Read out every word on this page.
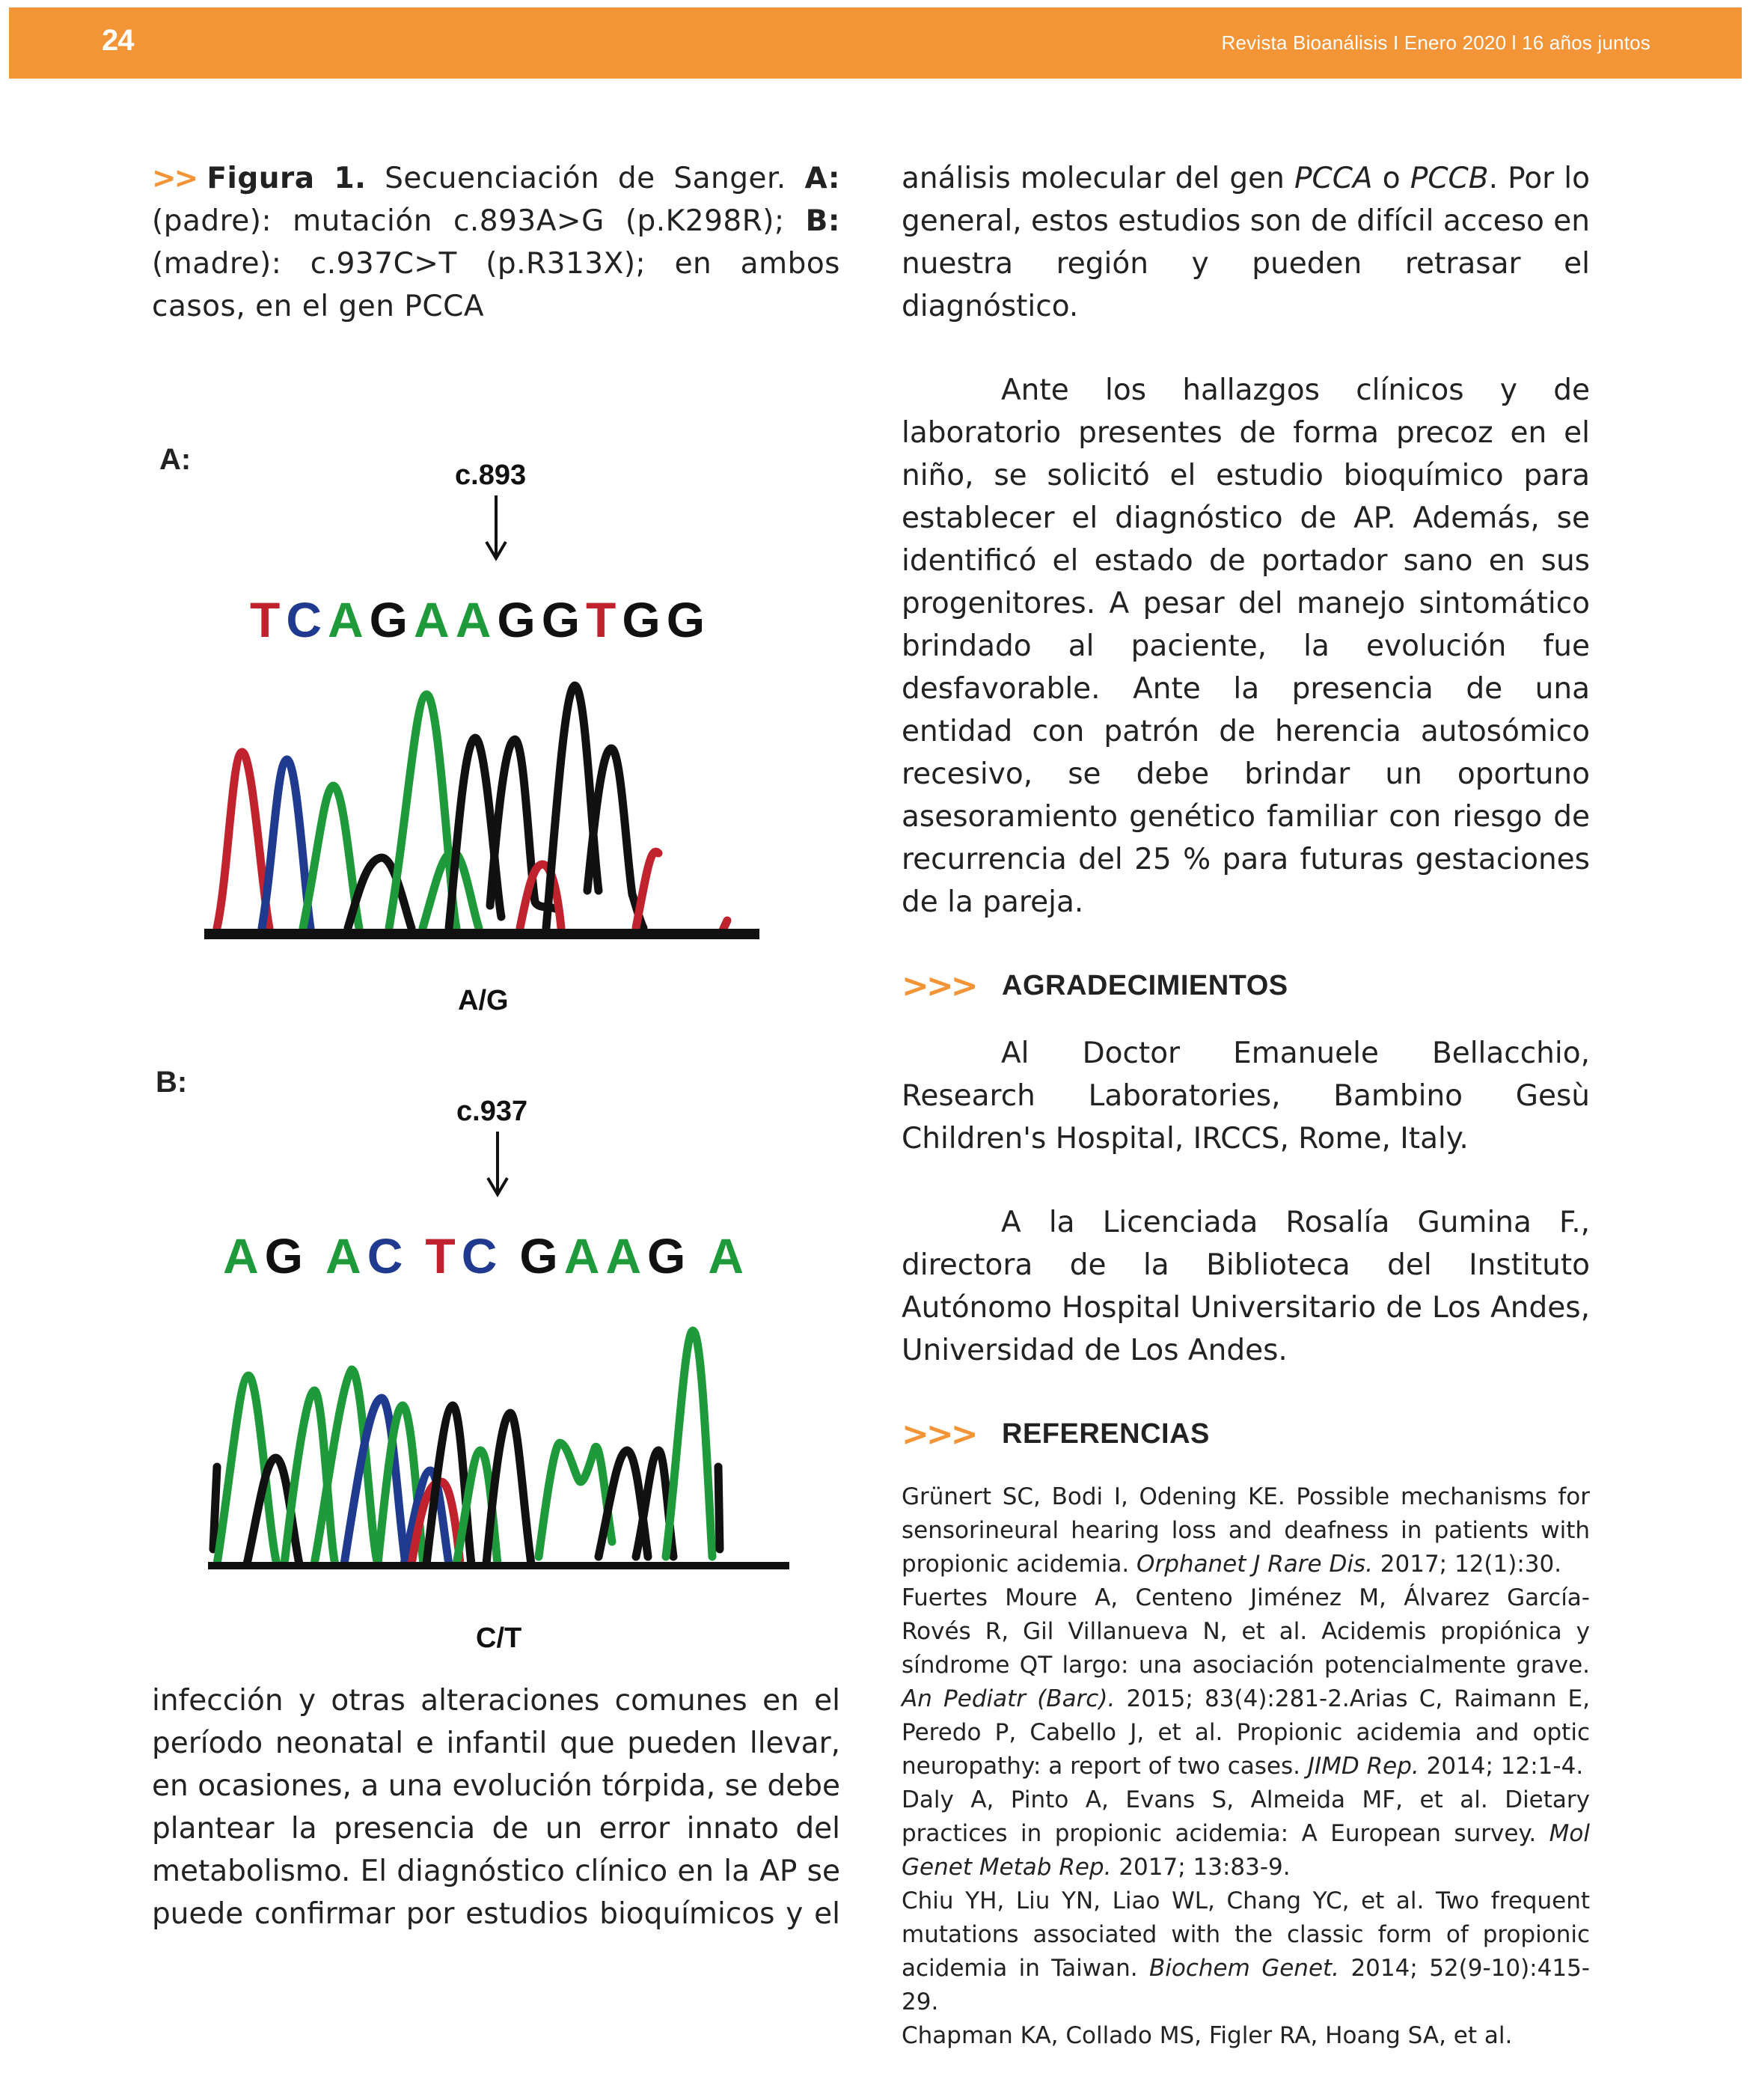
24	Revista Bioanálisis I Enero 2020 l 16 años juntos
>> Figura 1. Secuenciación de Sanger. A: (padre): mutación c.893A>G (p.K298R); B: (madre): c.937C>T (p.R313X); en ambos casos, en el gen PCCA
A:	c.893
TCAGAAGGTGG
A/G
B:
c.937
AG AC TC GAAG A
C/T
infección y otras alteraciones comunes en el período neonatal e infantil que pueden llevar, en ocasiones, a una evolución tórpida, se debe plantear la presencia de un error innato del metabolismo. El diagnóstico clínico en la AP se puede confirmar por estudios bioquímicos y el

análisis molecular del gen PCCA o PCCB. Por lo general, estos estudios son de difícil acceso en nuestra región y pueden retrasar el diagnóstico.

Ante los hallazgos clínicos y de laboratorio presentes de forma precoz en el niño, se solicitó el estudio bioquímico para establecer el diagnóstico de AP. Además, se identificó el estado de portador sano en sus progenitores. A pesar del manejo sintomático brindado al paciente, la evolución fue desfavorable. Ante la presencia de una entidad con patrón de herencia autosómico recesivo, se debe brindar un oportuno asesoramiento genético familiar con riesgo de recurrencia del 25 % para futuras gestaciones de la pareja.

>>> AGRADECIMIENTOS

Al Doctor Emanuele Bellacchio, Research Laboratories, Bambino Gesù Children's Hospital, IRCCS, Rome, Italy.

A la Licenciada Rosalía Gumina F., directora de la Biblioteca del Instituto Autónomo Hospital Universitario de Los Andes, Universidad de Los Andes.

>>> REFERENCIAS

Grünert SC, Bodi I, Odening KE. Possible mechanisms for sensorineural hearing loss and deafness in patients with propionic acidemia. Orphanet J Rare Dis. 2017; 12(1):30.

Fuertes Moure A, Centeno Jiménez M, Álvarez García- Rovés R, Gil Villanueva N, et al. Acidemis propiónica y síndrome QT largo: una asociación potencialmente grave. An Pediatr (Barc). 2015; 83(4):281-2.Arias C, Raimann E, Peredo P, Cabello J, et al. Propionic acidemia and optic neuropathy: a report of two cases. JIMD Rep. 2014; 12:1-4.

Daly A, Pinto A, Evans S, Almeida MF, et al. Dietary practices in propionic acidemia: A European survey. Mol Genet Metab Rep. 2017; 13:83-9.

Chiu YH, Liu YN, Liao WL, Chang YC, et al. Two frequent mutations associated with the classic form of propionic acidemia in Taiwan. Biochem Genet. 2014; 52(9-10):415-29.

Chapman KA, Collado MS, Figler RA, Hoang SA, et al.
